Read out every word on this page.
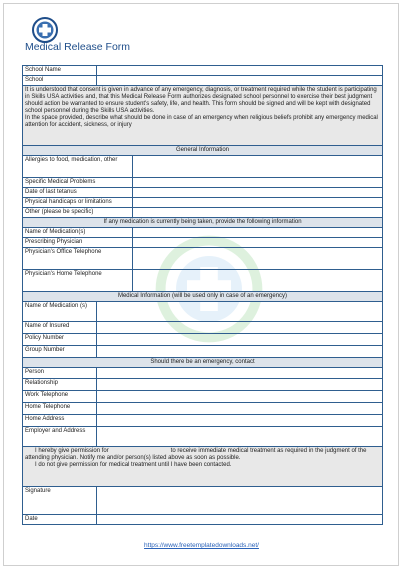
Medical Release Form
School Name		
School		
It is understood that consent is given in advance of any emergency, diagnosis, or treatment required while the student is participating in Skills USA activities and, that this Medical Release Form authorizes designated school personnel to exercise their best judgment should action be warranted to ensure student's safety, life, and health. This form should be signed and will be kept with designated school personnel during the Skills USA activities.
In the space provided, describe what should be done in case of an emergency when religious beliefs prohibit any emergency medical attention for accident, sickness, or injury		
General Information		
Allergies to food, medication, other		
Specific Medical Problems		
Date of last tetanus		
Physical handicaps or limitations		
Other (please be specific)		
If any medication is currently being taken, provide the following information		
Name of Medication(s)		
Prescribing Physician		
Physician's Office Telephone		
Physician's Home Telephone		
Medical Information (will be used only in case of an emergency)		
Name of Medication (s)		
Name of Insured		
Policy Number		
Group Number		
Should there be an emergency, contact		
Person		
Relationship		
Work Telephone		
Home Telephone		
Home Address		
Employer and Address		
I hereby give permission for to receive immediate medical treatment as required in the judgment of the attending physician. Notify me and/or person(s) listed above as soon as possible.
I do not give permission for medical treatment until I have been contacted.		
Signature		
Date		
https://www.freetemplatedownloads.net/
